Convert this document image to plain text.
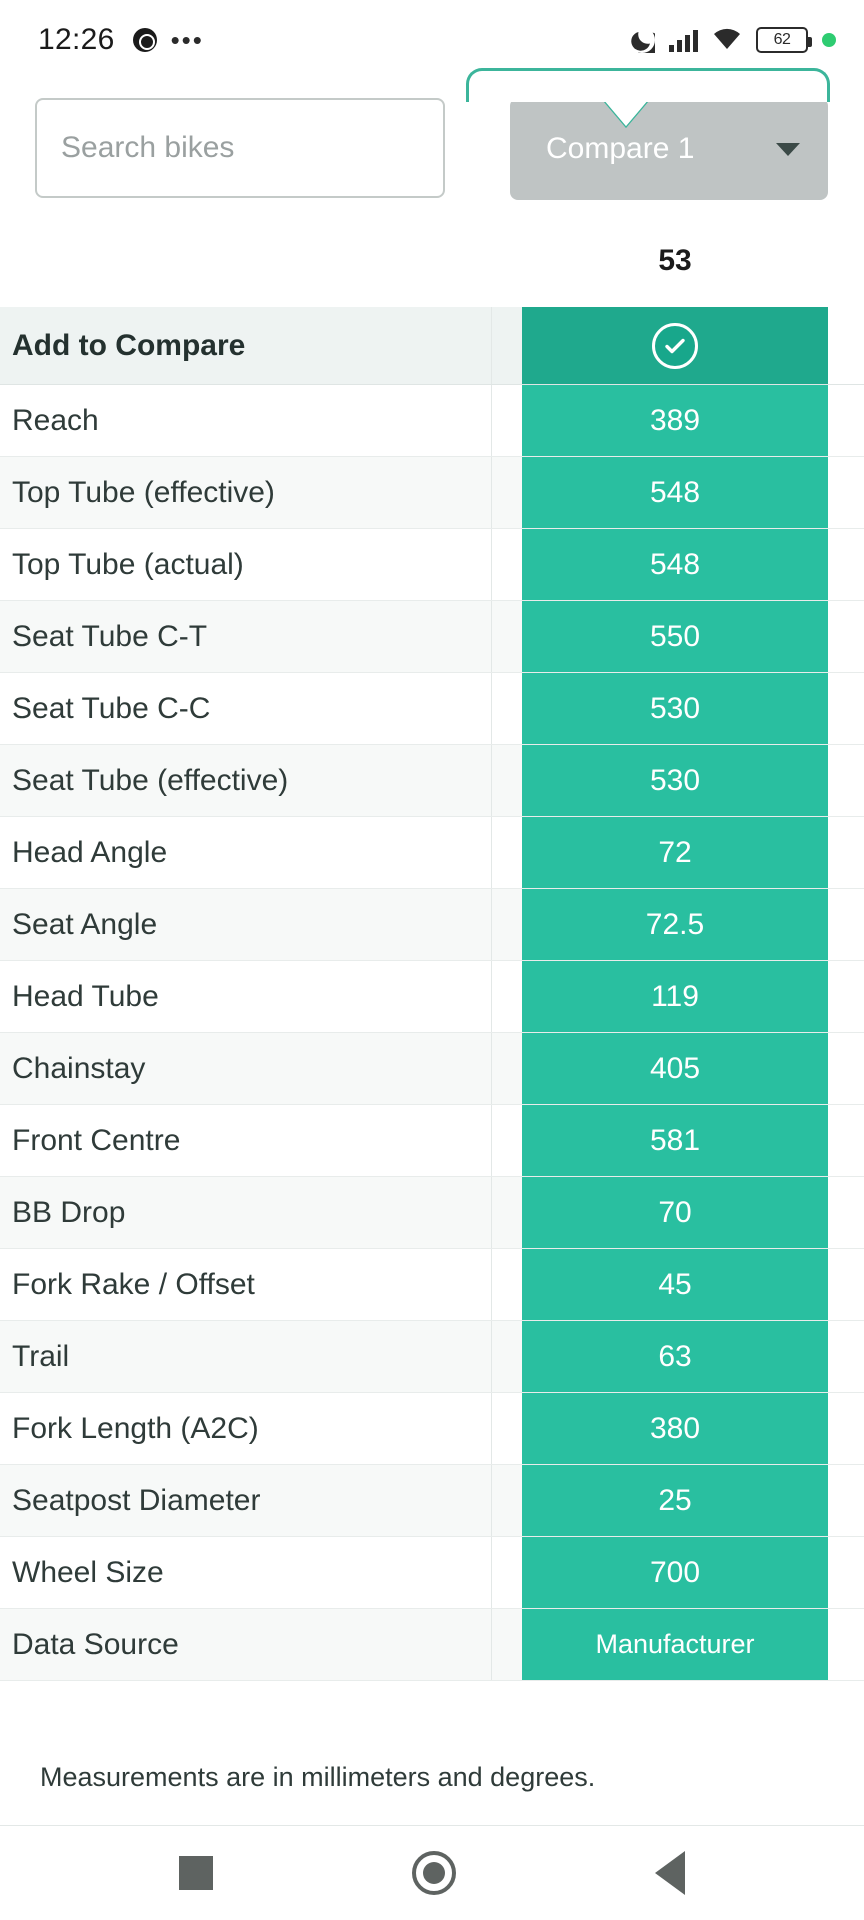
12:26 •••	62
Search bikes
Compare 1
53
Add to Compare
Reach	389
Top Tube (effective)	548
Top Tube (actual)	548
Seat Tube C-T	550
Seat Tube C-C	530
Seat Tube (effective)	530
Head Angle	72
Seat Angle	72.5
Head Tube	119
Chainstay	405
Front Centre	581
BB Drop	70
Fork Rake / Offset	45
Trail	63
Fork Length (A2C)	380
Seatpost Diameter	25
Wheel Size	700
Data Source	Manufacturer
Measurements are in millimeters and degrees.
